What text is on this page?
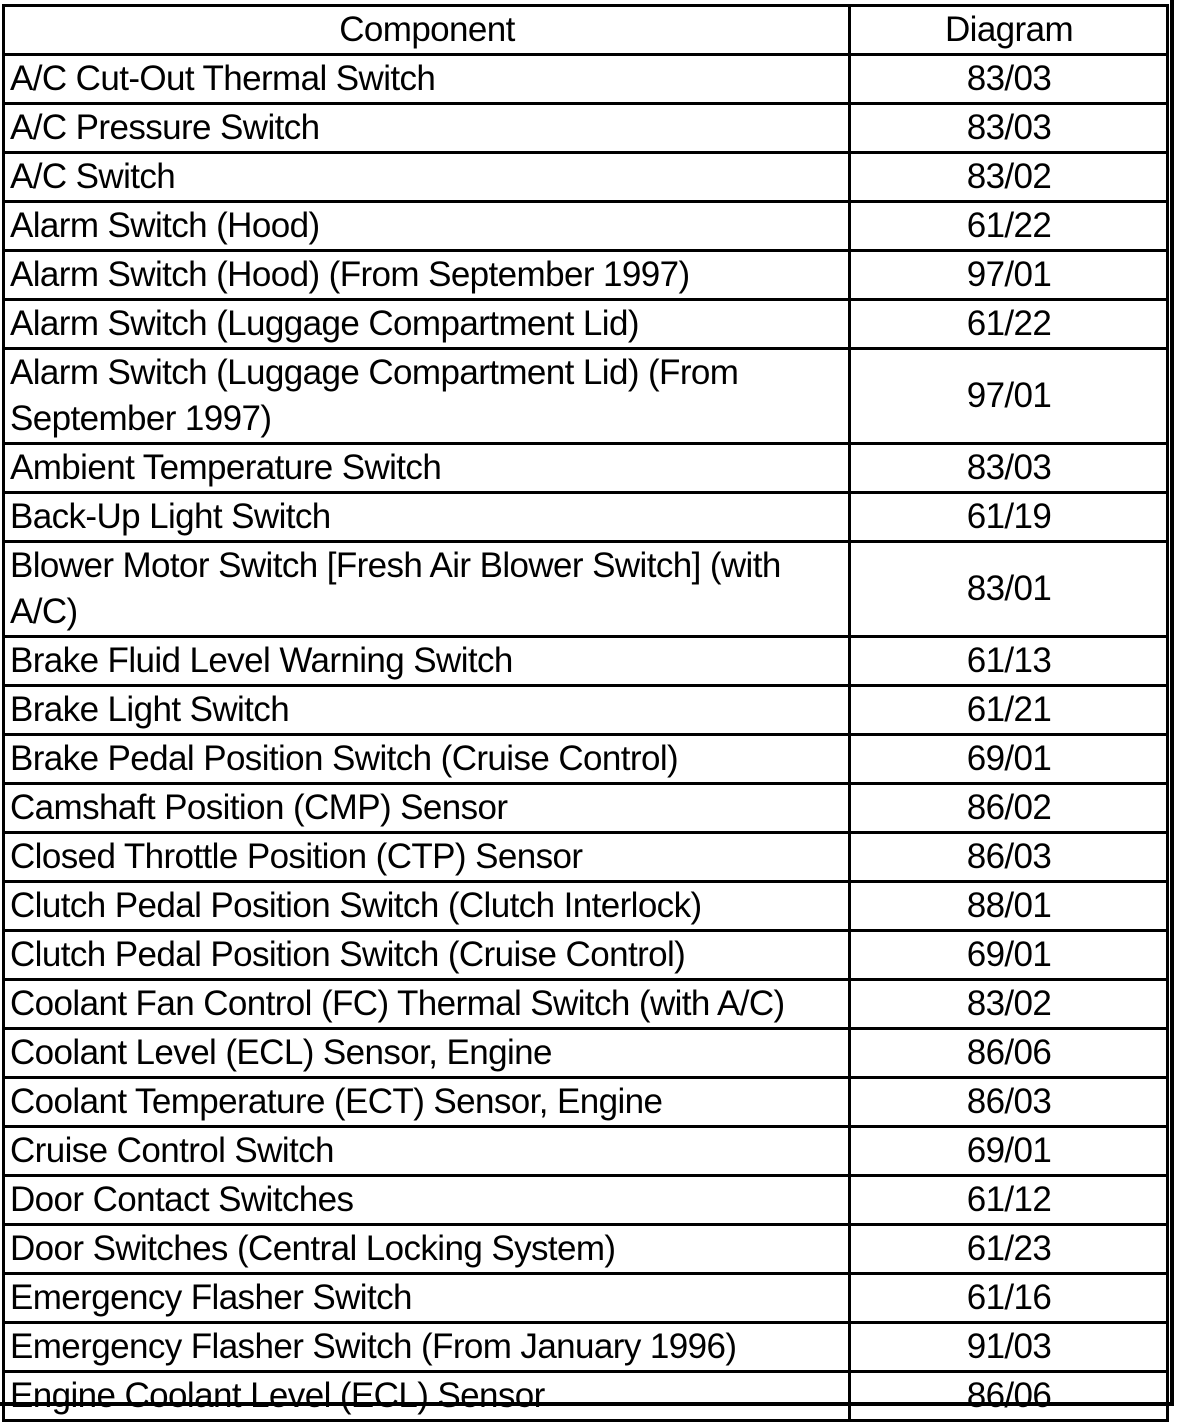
Component	Diagram
A/C Cut-Out Thermal Switch	83/03
A/C Pressure Switch	83/03
A/C Switch	83/02
Alarm Switch (Hood)	61/22
Alarm Switch (Hood) (From September 1997)	97/01
Alarm Switch (Luggage Compartment Lid)	61/22
Alarm Switch (Luggage Compartment Lid) (From September 1997)	97/01
Ambient Temperature Switch	83/03
Back-Up Light Switch	61/19
Blower Motor Switch [Fresh Air Blower Switch] (with A/C)	83/01
Brake Fluid Level Warning Switch	61/13
Brake Light Switch	61/21
Brake Pedal Position Switch (Cruise Control)	69/01
Camshaft Position (CMP) Sensor	86/02
Closed Throttle Position (CTP) Sensor	86/03
Clutch Pedal Position Switch (Clutch Interlock)	88/01
Clutch Pedal Position Switch (Cruise Control)	69/01
Coolant Fan Control (FC) Thermal Switch (with A/C)	83/02
Coolant Level (ECL) Sensor, Engine	86/06
Coolant Temperature (ECT) Sensor, Engine	86/03
Cruise Control Switch	69/01
Door Contact Switches	61/12
Door Switches (Central Locking System)	61/23
Emergency Flasher Switch	61/16
Emergency Flasher Switch (From January 1996)	91/03
Engine Coolant Level (ECL) Sensor	86/06
